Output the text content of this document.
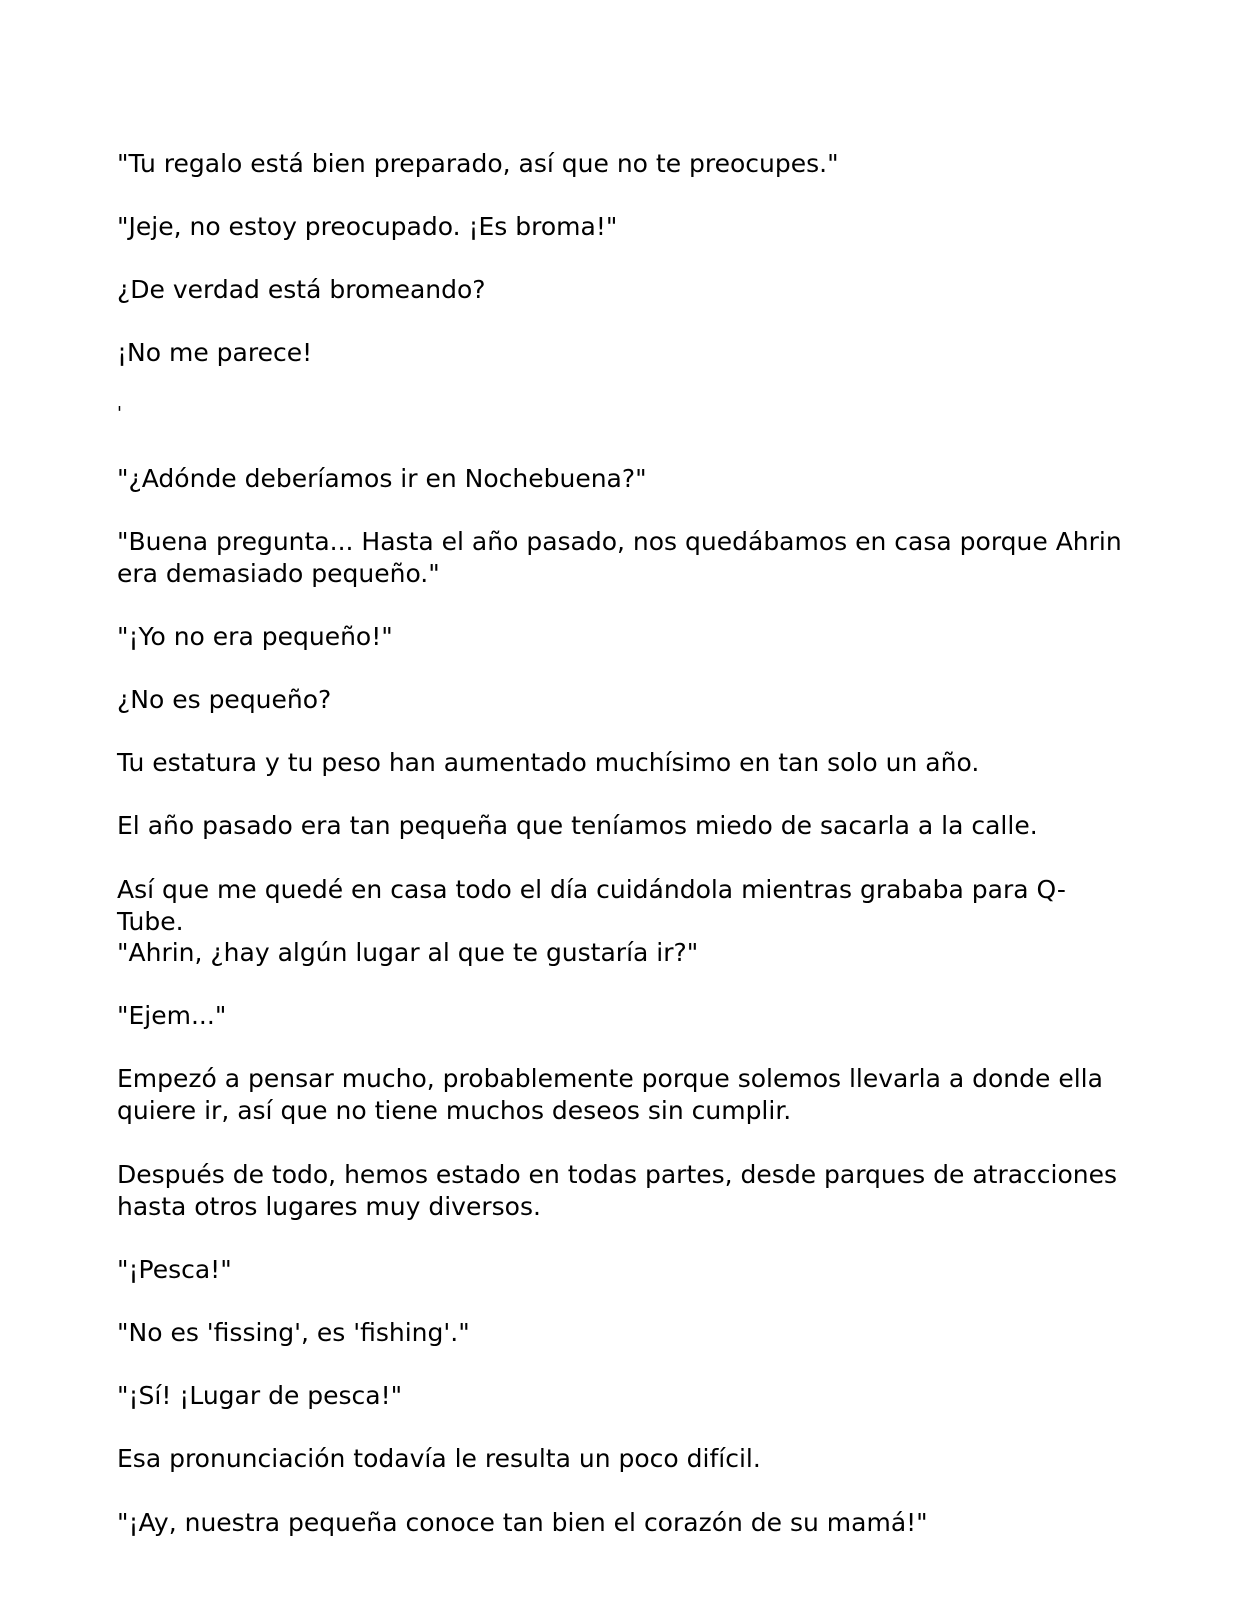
"Tu regalo está bien preparado, así que no te preocupes."

"Jeje, no estoy preocupado. ¡Es broma!"

¿De verdad está bromeando?

¡No me parece!

'

"¿Adónde deberíamos ir en Nochebuena?"

"Buena pregunta... Hasta el año pasado, nos quedábamos en casa porque Ahrin era demasiado pequeño."

"¡Yo no era pequeño!"

¿No es pequeño?

Tu estatura y tu peso han aumentado muchísimo en tan solo un año.

El año pasado era tan pequeña que teníamos miedo de sacarla a la calle.

Así que me quedé en casa todo el día cuidándola mientras grababa para Q-Tube.

"Ahrin, ¿hay algún lugar al que te gustaría ir?"

"Ejem..."

Empezó a pensar mucho, probablemente porque solemos llevarla a donde ella quiere ir, así que no tiene muchos deseos sin cumplir.

Después de todo, hemos estado en todas partes, desde parques de atracciones hasta otros lugares muy diversos.

"¡Pesca!"

"No es 'fissing', es 'fishing'."

"¡Sí! ¡Lugar de pesca!"

Esa pronunciación todavía le resulta un poco difícil.

"¡Ay, nuestra pequeña conoce tan bien el corazón de su mamá!"
